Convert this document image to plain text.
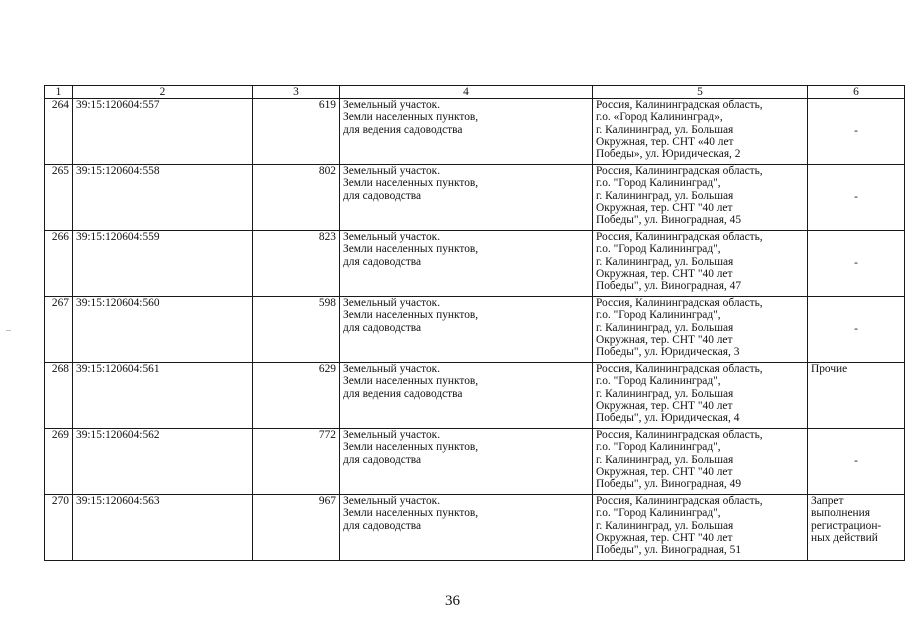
1	2	3	4	5	6
264	39:15:120604:557	619	Земельный участок.
Земли населенных пунктов,
для ведения садоводства	Россия, Калининградская область,
г.о. «Город Калининград»,
г. Калининград, ул. Большая
Окружная, тер. СНТ «40 лет
Победы», ул. Юридическая, 2	-
265	39:15:120604:558	802	Земельный участок.
Земли населенных пунктов,
для садоводства	Россия, Калининградская область,
г.о. "Город Калининград",
г. Калининград, ул. Большая
Окружная, тер. СНТ "40 лет
Победы", ул. Виноградная, 45	-
266	39:15:120604:559	823	Земельный участок.
Земли населенных пунктов,
для садоводства	Россия, Калининградская область,
г.о. "Город Калининград",
г. Калининград, ул. Большая
Окружная, тер. СНТ "40 лет
Победы", ул. Виноградная, 47	-
267	39:15:120604:560	598	Земельный участок.
Земли населенных пунктов,
для садоводства	Россия, Калининградская область,
г.о. "Город Калининград",
г. Калининград, ул. Большая
Окружная, тер. СНТ "40 лет
Победы", ул. Юридическая, 3	-
268	39:15:120604:561	629	Земельный участок.
Земли населенных пунктов,
для ведения садоводства	Россия, Калининградская область,
г.о. "Город Калининград",
г. Калининград, ул. Большая
Окружная, тер. СНТ "40 лет
Победы", ул. Юридическая, 4	Прочие
269	39:15:120604:562	772	Земельный участок.
Земли населенных пунктов,
для садоводства	Россия, Калининградская область,
г.о. "Город Калининград",
г. Калининград, ул. Большая
Окружная, тер. СНТ "40 лет
Победы", ул. Виноградная, 49	-
270	39:15:120604:563	967	Земельный участок.
Земли населенных пунктов,
для садоводства	Россия, Калининградская область,
г.о. "Город Калининград",
г. Калининград, ул. Большая
Окружная, тер. СНТ "40 лет
Победы", ул. Виноградная, 51	Запрет
выполнения
регистрацион-
ных действий
36
